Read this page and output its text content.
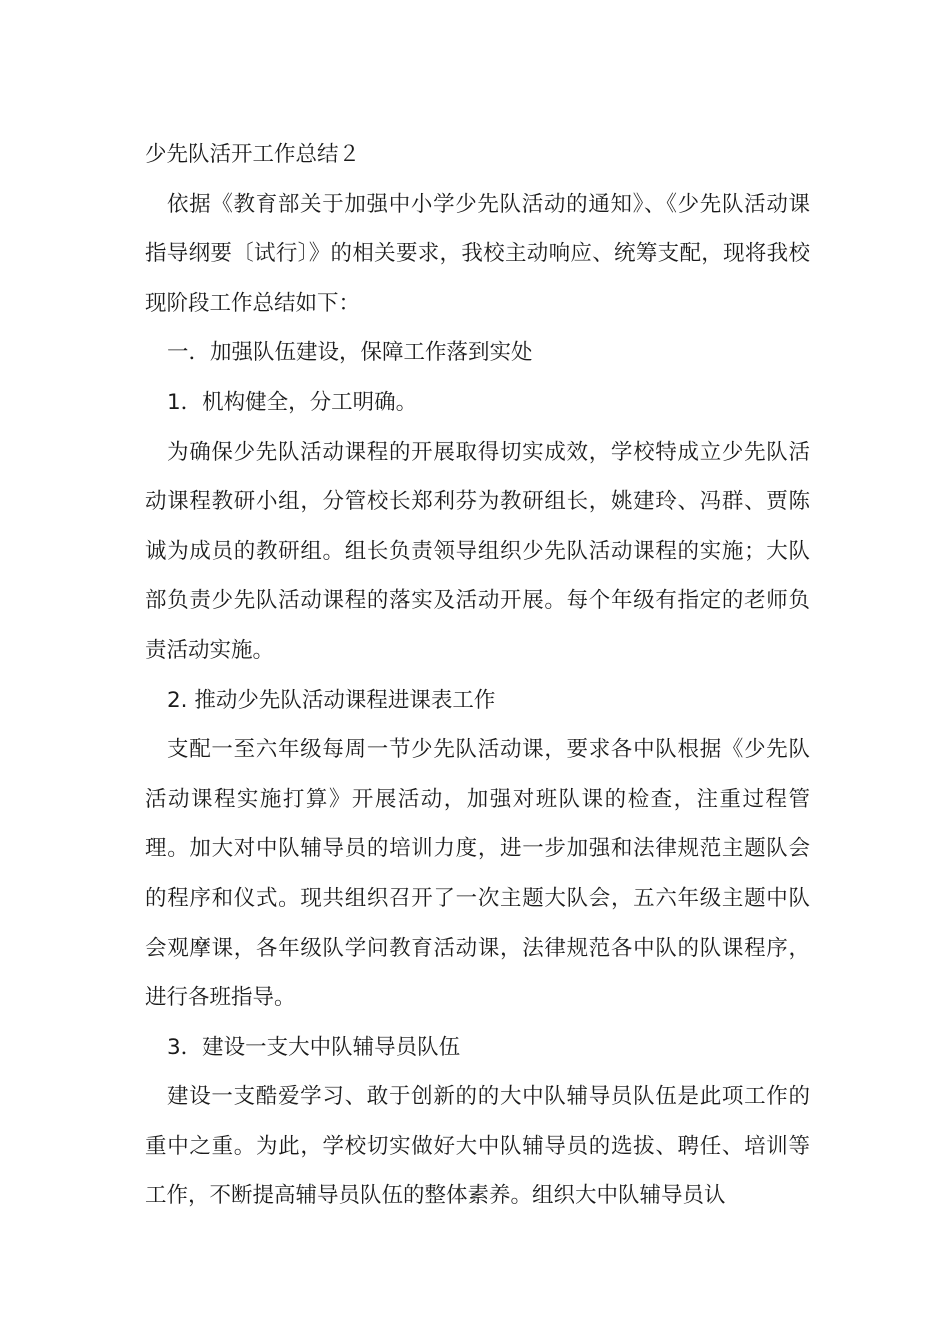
少先队活开工作总结２

依据《教育部关于加强中小学少先队活动的通知》、《少先队活动课指导纲要〔试行〕》的相关要求，我校主动响应、统筹支配，现将我校现阶段工作总结如下：

一．加强队伍建设，保障工作落到实处

1．机构健全，分工明确。

为确保少先队活动课程的开展取得切实成效，学校特成立少先队活动课程教研小组，分管校长郑利芬为教研组长，姚建玲、冯群、贾陈诚为成员的教研组。组长负责领导组织少先队活动课程的实施；大队部负责少先队活动课程的落实及活动开展。每个年级有指定的老师负责活动实施。

2. 推动少先队活动课程进课表工作

支配一至六年级每周一节少先队活动课，要求各中队根据《少先队活动课程实施打算》开展活动，加强对班队课的检查，注重过程管理。加大对中队辅导员的培训力度，进一步加强和法律规范主题队会的程序和仪式。现共组织召开了一次主题大队会，五六年级主题中队会观摩课，各年级队学问教育活动课，法律规范各中队的队课程序，进行各班指导。

3．建设一支大中队辅导员队伍

建设一支酷爱学习、敢于创新的的大中队辅导员队伍是此项工作的重中之重。为此，学校切实做好大中队辅导员的选拔、聘任、培训等工作，不断提高辅导员队伍的整体素养。组织大中队辅导员认
